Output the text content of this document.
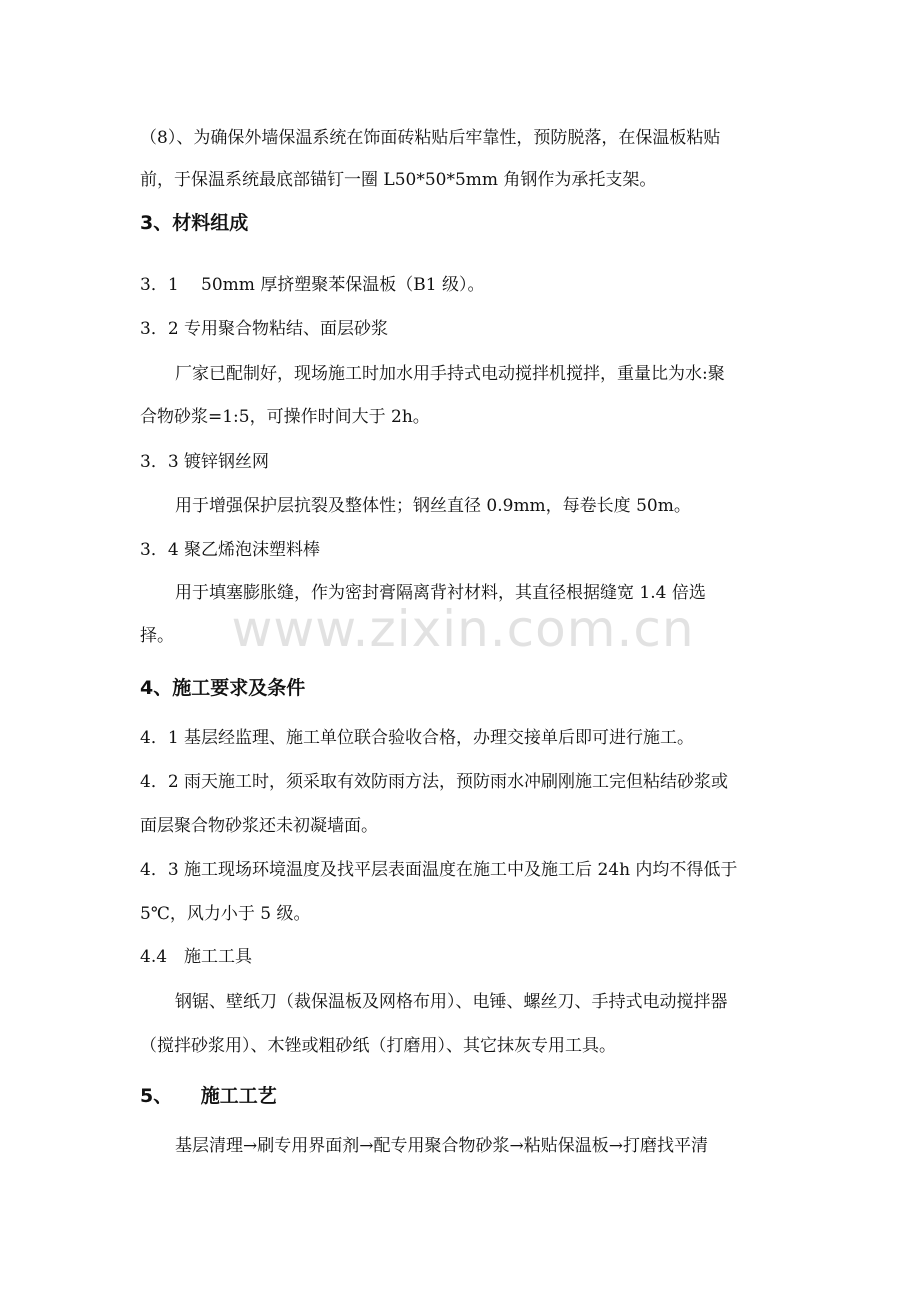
（8）、为确保外墙保温系统在饰面砖粘贴后牢靠性，预防脱落，在保温板粘贴
前，于保温系统最底部锚钉一圈 L50*50*5mm 角钢作为承托支架。
3、材料组成
3．1　 50mm 厚挤塑聚苯保温板（B1 级）。
3．2 专用聚合物粘结、面层砂浆
厂家已配制好，现场施工时加水用手持式电动搅拌机搅拌，重量比为水:聚
合物砂浆=1:5，可操作时间大于 2h。
3．3 镀锌钢丝网
用于增强保护层抗裂及整体性；钢丝直径 0.9mm，每卷长度 50m。
3．4 聚乙烯泡沫塑料棒
用于填塞膨胀缝，作为密封膏隔离背衬材料，其直径根据缝宽 1.4 倍选
择。
4、施工要求及条件
4．1 基层经监理、施工单位联合验收合格，办理交接单后即可进行施工。
4．2 雨天施工时，须采取有效防雨方法，预防雨水冲刷刚施工完但粘结砂浆或
面层聚合物砂浆还未初凝墙面。
4．3 施工现场环境温度及找平层表面温度在施工中及施工后 24h 内均不得低于
5℃，风力小于 5 级。
4.4　施工工具
钢锯、壁纸刀（裁保温板及网格布用）、电锤、螺丝刀、手持式电动搅拌器
（搅拌砂浆用）、木锉或粗砂纸（打磨用）、其它抹灰专用工具。
5、　　施工工艺
基层清理→刷专用界面剂→配专用聚合物砂浆→粘贴保温板→打磨找平清
www.zixin.com.cn
